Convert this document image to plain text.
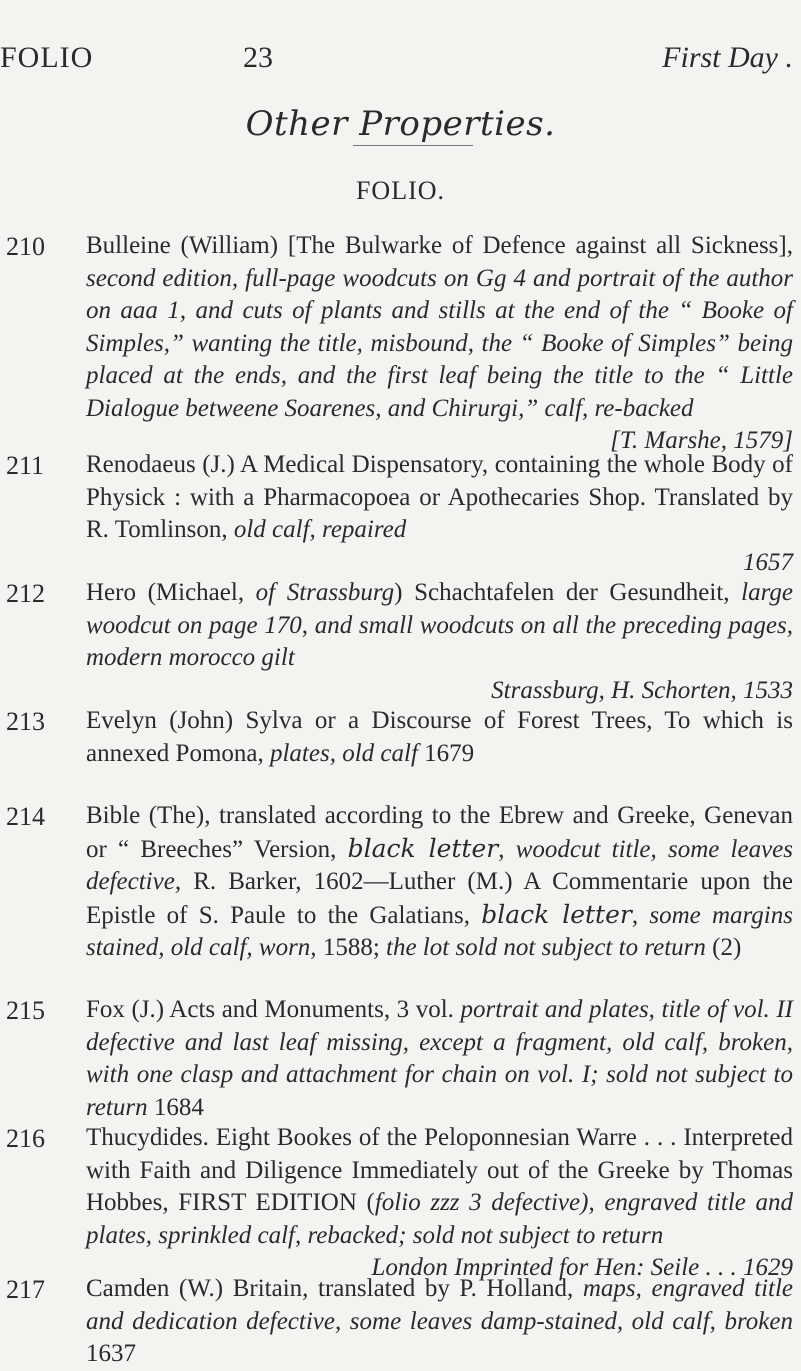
FOLIO	23	First Day .
Other Properties.
FOLIO.
210	Bulleine (William) [The Bulwarke of Defence against all Sickness], second edition, full-page woodcuts on Gg 4 and portrait of the author on aaa 1, and cuts of plants and stills at the end of the “ Booke of Simples,” wanting the title, misbound, the “ Booke of Simples” being placed at the ends, and the first leaf being the title to the “ Little Dialogue betweene Soarenes, and Chirurgi,” calf, re-backed
[T. Marshe, 1579]
211	Renodaeus (J.) A Medical Dispensatory, containing the whole Body of Physick : with a Pharmacopoea or Apothecaries Shop. Translated by R. Tomlinson, old calf, repaired
1657
212	Hero (Michael, of Strassburg) Schachtafelen der Gesundheit, large woodcut on page 170, and small woodcuts on all the preceding pages, modern morocco gilt
Strassburg, H. Schorten, 1533
213	Evelyn (John) Sylva or a Discourse of Forest Trees, To which is annexed Pomona, plates, old calf 1679
214	Bible (The), translated according to the Ebrew and Greeke, Genevan or “ Breeches” Version, black letter, woodcut title, some leaves defective, R. Barker, 1602—Luther (M.) A Commentarie upon the Epistle of S. Paule to the Galatians, black letter, some margins stained, old calf, worn, 1588; the lot sold not subject to return (2)
215	Fox (J.) Acts and Monuments, 3 vol. portrait and plates, title of vol. II defective and last leaf missing, except a fragment, old calf, broken, with one clasp and attachment for chain on vol. I; sold not subject to return 1684
216	Thucydides. Eight Bookes of the Peloponnesian Warre . . . Interpreted with Faith and Diligence Immediately out of the Greeke by Thomas Hobbes, FIRST EDITION (folio zzz 3 defective), engraved title and plates, sprinkled calf, rebacked; sold not subject to return
London Imprinted for Hen: Seile . . . 1629
217	Camden (W.) Britain, translated by P. Holland, maps, engraved title and dedication defective, some leaves damp-stained, old calf, broken 1637
